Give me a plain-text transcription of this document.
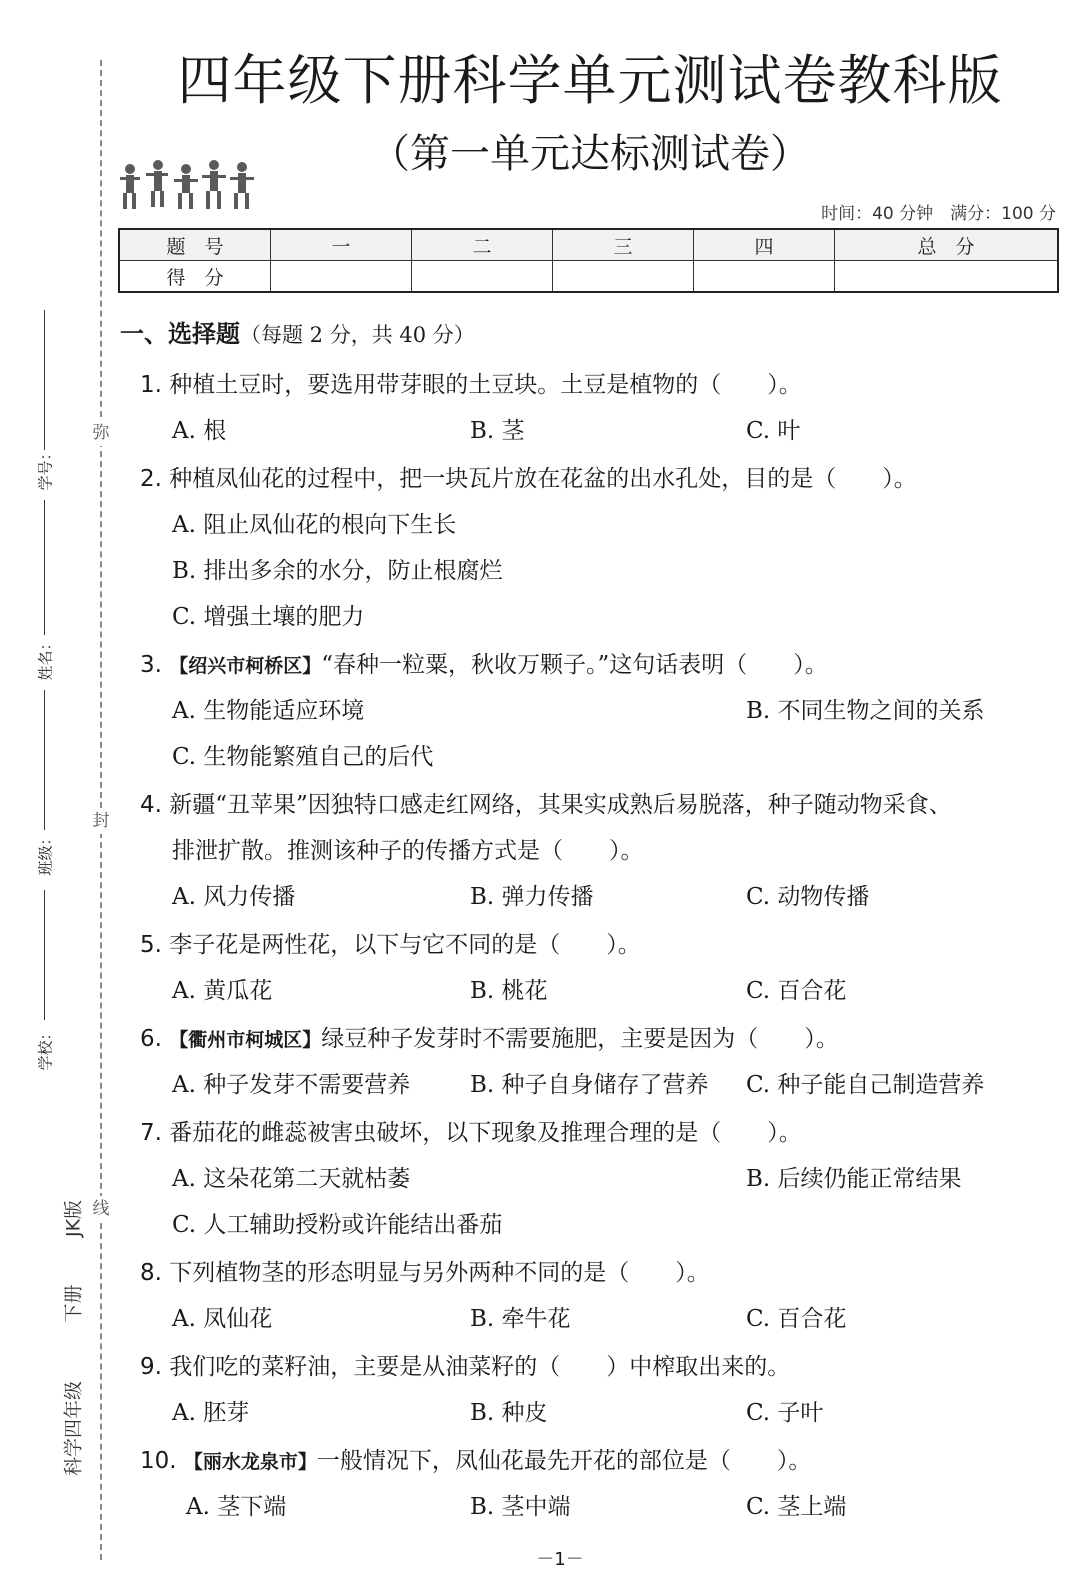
弥
封
线
学号：
姓名：
班级：
学校：
科学四年级
下册
JK版
四年级下册科学单元测试卷教科版
（第一单元达标测试卷）
时间：40 分钟　满分：100 分
题　号	一	二	三	四	总　分
得　分					
一、选择题（每题 2 分，共 40 分）
1. 种植土豆时，要选用带芽眼的土豆块。土豆是植物的（　　）。
A. 根	B. 茎	C. 叶
2. 种植凤仙花的过程中，把一块瓦片放在花盆的出水孔处，目的是（　　）。
A. 阻止凤仙花的根向下生长
B. 排出多余的水分，防止根腐烂
C. 增强土壤的肥力
3. 【绍兴市柯桥区】“春种一粒粟，秋收万颗子。”这句话表明（　　）。
A. 生物能适应环境	B. 不同生物之间的关系
C. 生物能繁殖自己的后代
4. 新疆“丑苹果”因独特口感走红网络，其果实成熟后易脱落，种子随动物采食、
排泄扩散。推测该种子的传播方式是（　　）。
A. 风力传播	B. 弹力传播	C. 动物传播
5. 李子花是两性花，以下与它不同的是（　　）。
A. 黄瓜花	B. 桃花	C. 百合花
6. 【衢州市柯城区】绿豆种子发芽时不需要施肥，主要是因为（　　）。
A. 种子发芽不需要营养	B. 种子自身储存了营养 C. 种子能自己制造营养
7. 番茄花的雌蕊被害虫破坏，以下现象及推理合理的是（　　）。
A. 这朵花第二天就枯萎	B. 后续仍能正常结果
C. 人工辅助授粉或许能结出番茄
8. 下列植物茎的形态明显与另外两种不同的是（　　）。
A. 凤仙花	B. 牵牛花	C. 百合花
9. 我们吃的菜籽油，主要是从油菜籽的（　　）中榨取出来的。
A. 胚芽	B. 种皮	C. 子叶
10. 【丽水龙泉市】一般情况下，凤仙花最先开花的部位是（　　）。
A. 茎下端	B. 茎中端	C. 茎上端
－1－
